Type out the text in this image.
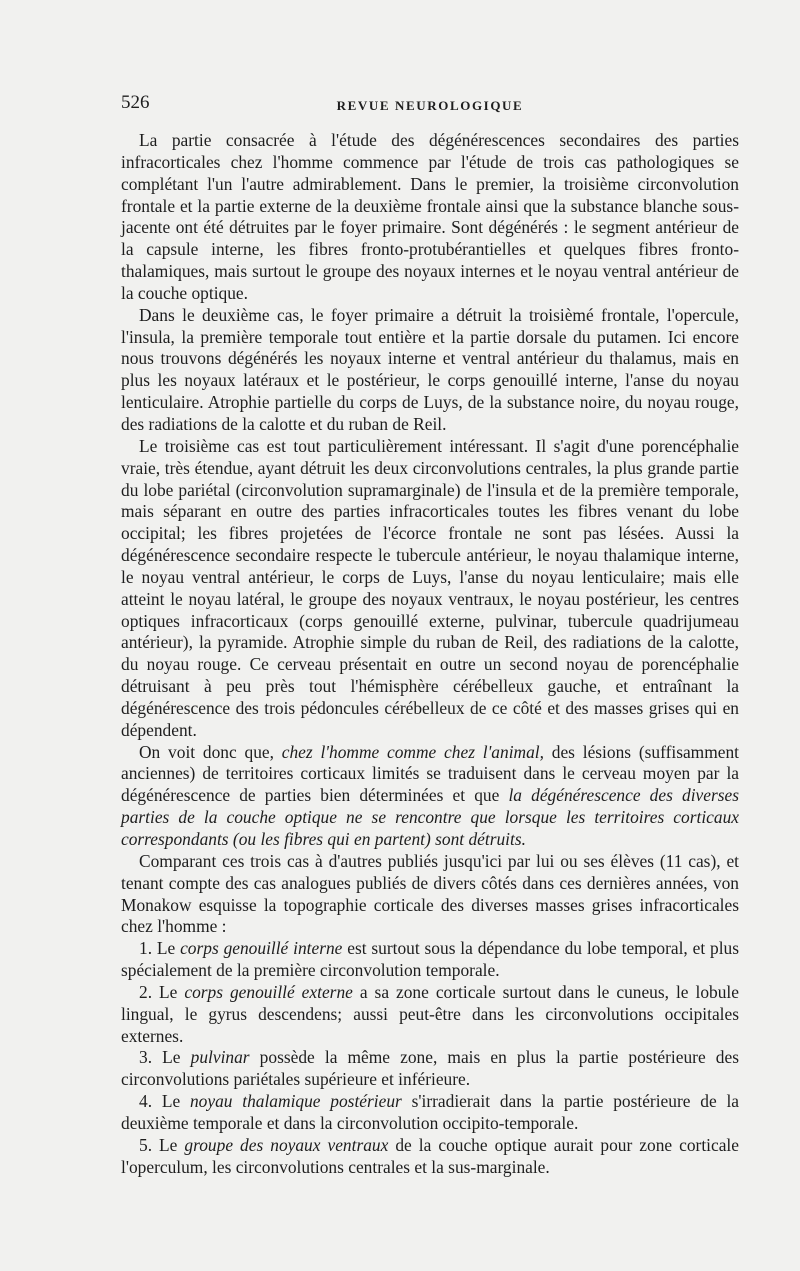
526	REVUE NEUROLOGIQUE

La partie consacrée à l'étude des dégénérescences secondaires des parties infracorticales chez l'homme commence par l'étude de trois cas pathologiques se complétant l'un l'autre admirablement. Dans le premier, la troisième circonvolution frontale et la partie externe de la deuxième frontale ainsi que la substance blanche sous-jacente ont été détruites par le foyer primaire. Sont dégénérés : le segment antérieur de la capsule interne, les fibres fronto-protubérantielles et quelques fibres fronto-thalamiques, mais surtout le groupe des noyaux internes et le noyau ventral antérieur de la couche optique.

Dans le deuxième cas, le foyer primaire a détruit la troisièmé frontale, l'opercule, l'insula, la première temporale tout entière et la partie dorsale du putamen. Ici encore nous trouvons dégénérés les noyaux interne et ventral antérieur du thalamus, mais en plus les noyaux latéraux et le postérieur, le corps genouillé interne, l'anse du noyau lenticulaire. Atrophie partielle du corps de Luys, de la substance noire, du noyau rouge, des radiations de la calotte et du ruban de Reil.

Le troisième cas est tout particulièrement intéressant. Il s'agit d'une porencéphalie vraie, très étendue, ayant détruit les deux circonvolutions centrales, la plus grande partie du lobe pariétal (circonvolution supramarginale) de l'insula et de la première temporale, mais séparant en outre des parties infracorticales toutes les fibres venant du lobe occipital; les fibres projetées de l'écorce frontale ne sont pas lésées. Aussi la dégénérescence secondaire respecte le tubercule antérieur, le noyau thalamique interne, le noyau ventral antérieur, le corps de Luys, l'anse du noyau lenticulaire; mais elle atteint le noyau latéral, le groupe des noyaux ventraux, le noyau postérieur, les centres optiques infracorticaux (corps genouillé externe, pulvinar, tubercule quadrijumeau antérieur), la pyramide. Atrophie simple du ruban de Reil, des radiations de la calotte, du noyau rouge. Ce cerveau présentait en outre un second noyau de porencéphalie détruisant à peu près tout l'hémisphère cérébelleux gauche, et entraînant la dégénérescence des trois pédoncules cérébelleux de ce côté et des masses grises qui en dépendent.

On voit donc que, chez l'homme comme chez l'animal, des lésions (suffisamment anciennes) de territoires corticaux limités se traduisent dans le cerveau moyen par la dégénérescence de parties bien déterminées et que la dégénérescence des diverses parties de la couche optique ne se rencontre que lorsque les territoires corticaux correspondants (ou les fibres qui en partent) sont détruits.

Comparant ces trois cas à d'autres publiés jusqu'ici par lui ou ses élèves (11 cas), et tenant compte des cas analogues publiés de divers côtés dans ces dernières années, von Monakow esquisse la topographie corticale des diverses masses grises infracorticales chez l'homme :

1. Le corps genouillé interne est surtout sous la dépendance du lobe temporal, et plus spécialement de la première circonvolution temporale.

2. Le corps genouillé externe a sa zone corticale surtout dans le cuneus, le lobule lingual, le gyrus descendens; aussi peut-être dans les circonvolutions occipitales externes.

3. Le pulvinar possède la même zone, mais en plus la partie postérieure des circonvolutions pariétales supérieure et inférieure.

4. Le noyau thalamique postérieur s'irradierait dans la partie postérieure de la deuxième temporale et dans la circonvolution occipito-temporale.

5. Le groupe des noyaux ventraux de la couche optique aurait pour zone corticale l'operculum, les circonvolutions centrales et la sus-marginale.
